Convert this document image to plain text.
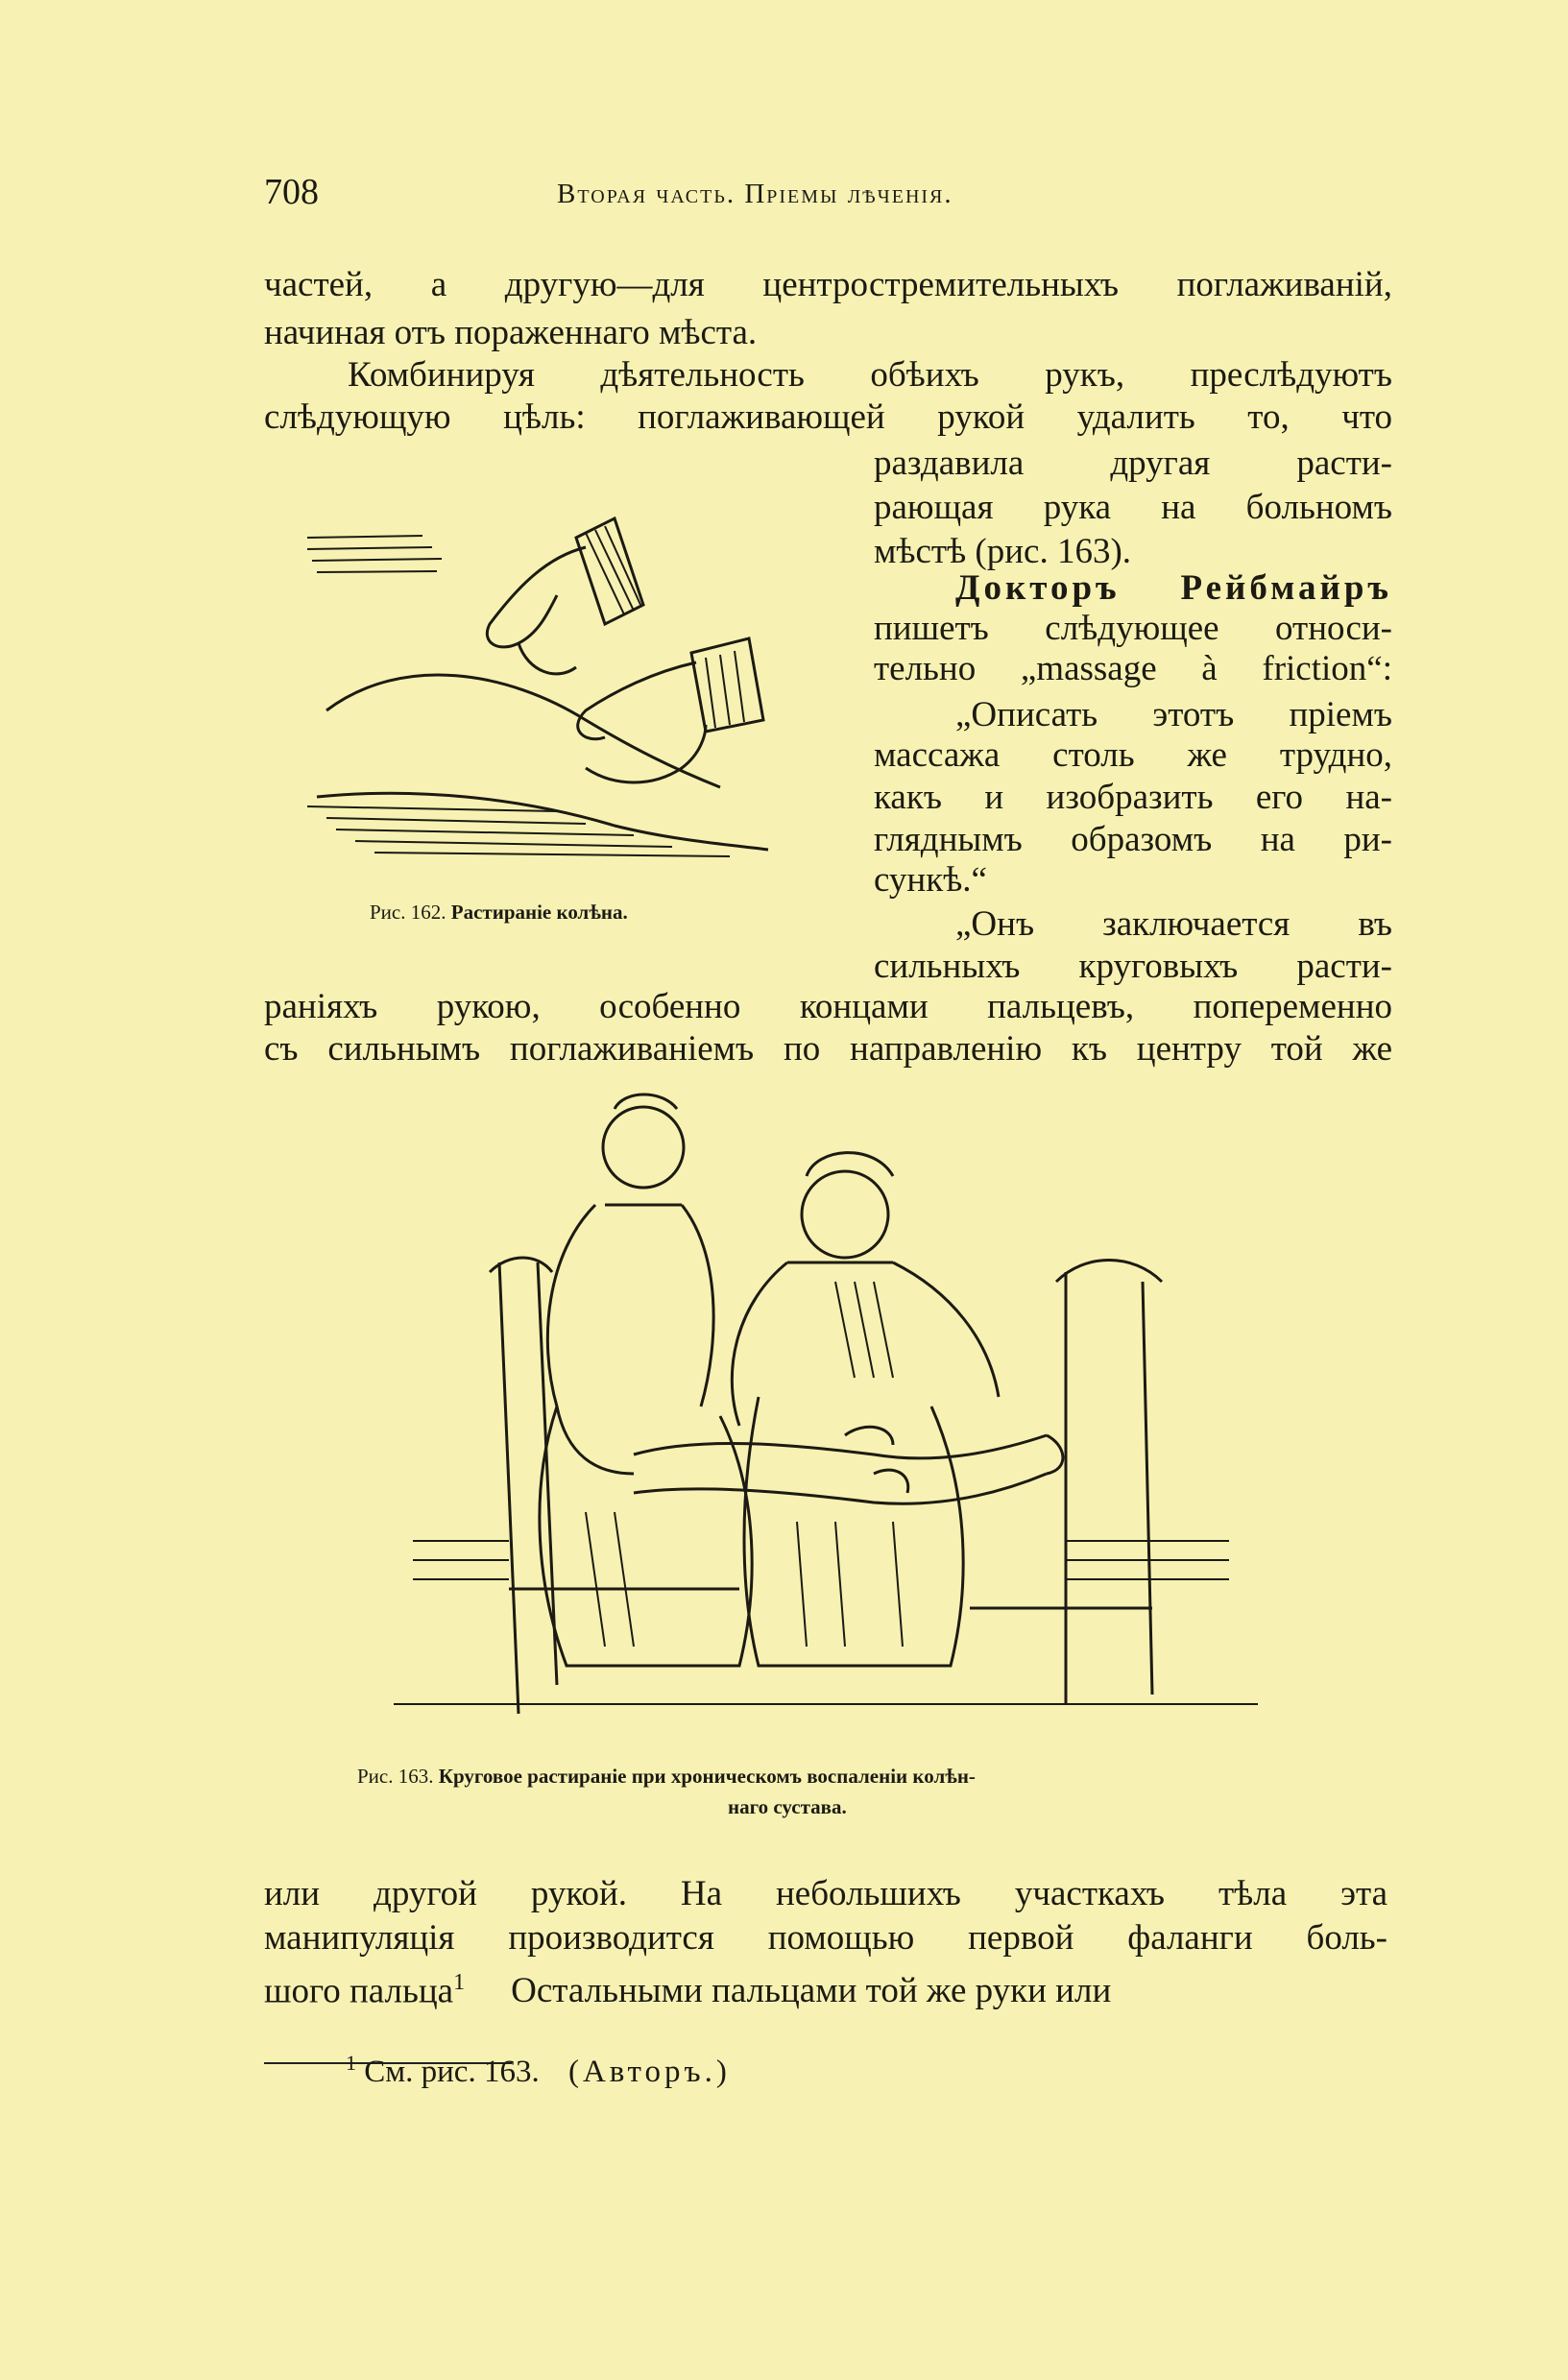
708	Вторая часть. Пріемы лѣченія.
частей, а другую—для центростремительныхъ поглаживаній,
начиная отъ пораженнаго мѣста.
Комбинируя дѣятельность обѣихъ рукъ, преслѣдуютъ
слѣдующую цѣль: поглаживающей рукой удалить то, что
раздавила другая расти-
рающая рука на больномъ
мѣстѣ (рис. 163).
Докторъ Рейбмайръ
пишетъ слѣдующее относи-
тельно „massage à friction“:
„Описать этотъ пріемъ
массажа столь же трудно,
какъ и изобразить его на-
гляднымъ образомъ на ри-
сункѣ.“
„Онъ заключается въ
сильныхъ круговыхъ расти-
раніяхъ рукою, особенно концами пальцевъ, попеременно
съ сильнымъ поглаживаніемъ по направленію къ центру той же
Рис. 162. Растираніе колѣна.
Рис. 163. Круговое растираніе при хроническомъ воспаленіи колѣн-
наго сустава.
или другой рукой. На небольшихъ участкахъ тѣла эта
манипуляція производится помощью первой фаланги боль-
шого пальца$^1$ Остальными пальцами той же руки или
$^1$ См. рис. 163. (Авторъ.)
